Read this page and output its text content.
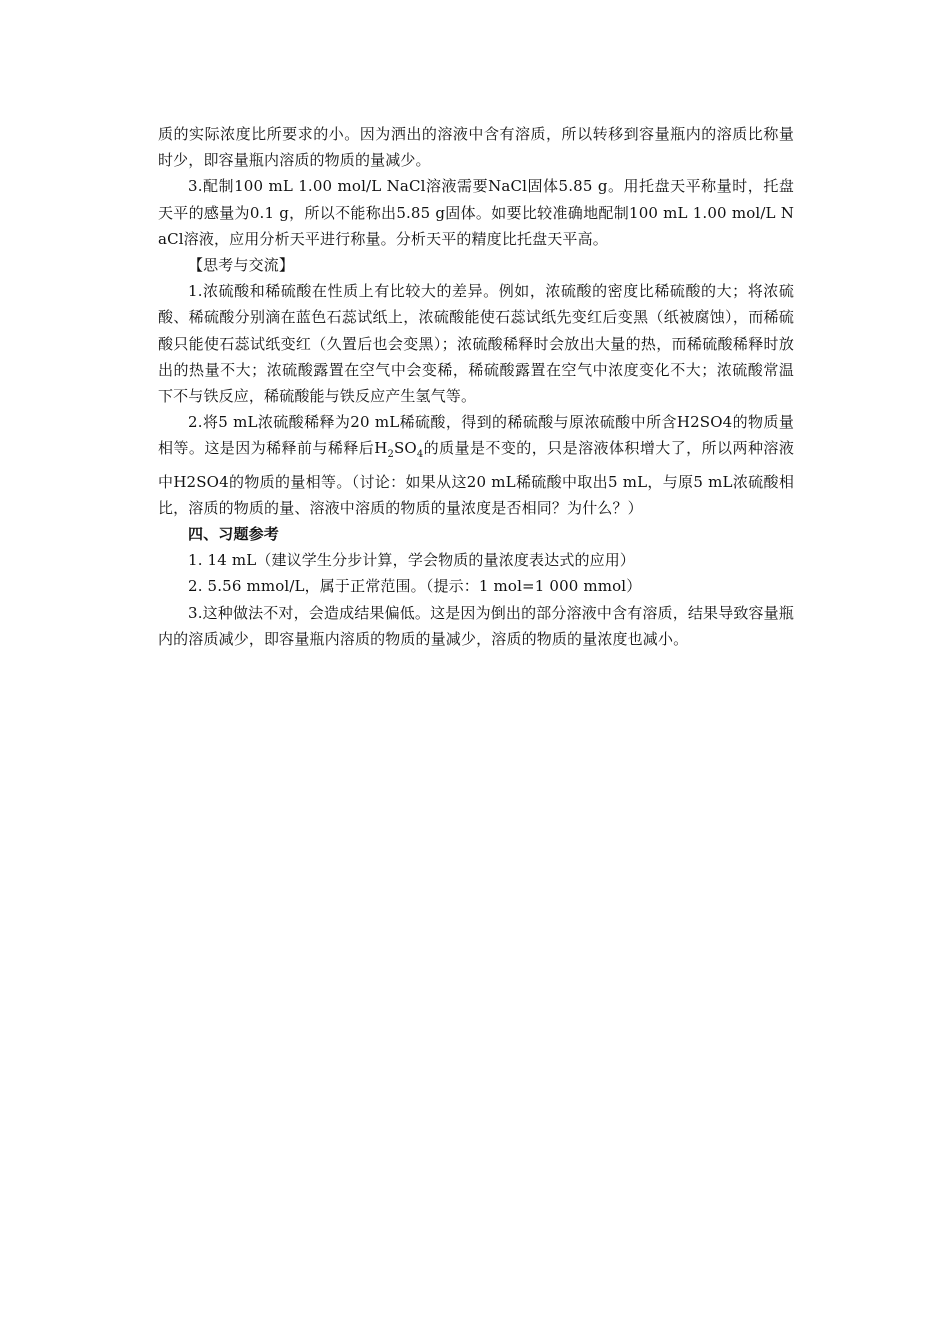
质的实际浓度比所要求的小。因为洒出的溶液中含有溶质，所以转移到容量瓶内的溶质比称量时少，即容量瓶内溶质的物质的量减少。

3.配制100 mL 1.00 mol/L NaCl溶液需要NaCl固体5.85 g。用托盘天平称量时，托盘天平的感量为0.1 g，所以不能称出5.85 g固体。如要比较准确地配制100 mL 1.00 mol/L NaCl溶液，应用分析天平进行称量。分析天平的精度比托盘天平高。

【思考与交流】

1.浓硫酸和稀硫酸在性质上有比较大的差异。例如，浓硫酸的密度比稀硫酸的大；将浓硫酸、稀硫酸分别滴在蓝色石蕊试纸上，浓硫酸能使石蕊试纸先变红后变黑（纸被腐蚀），而稀硫酸只能使石蕊试纸变红（久置后也会变黑）；浓硫酸稀释时会放出大量的热，而稀硫酸稀释时放出的热量不大；浓硫酸露置在空气中会变稀，稀硫酸露置在空气中浓度变化不大；浓硫酸常温下不与铁反应，稀硫酸能与铁反应产生氢气等。

2.将5 mL浓硫酸稀释为20 mL稀硫酸，得到的稀硫酸与原浓硫酸中所含H2SO4的物质量相等。这是因为稀释前与稀释后$H_2SO_4$的质量是不变的，只是溶液体积增大了，所以两种溶液中H2SO4的物质的量相等。（讨论：如果从这20 mL稀硫酸中取出5 mL，与原5 mL浓硫酸相比，溶质的物质的量、溶液中溶质的物质的量浓度是否相同？为什么？）

四、习题参考

1. 14 mL（建议学生分步计算，学会物质的量浓度表达式的应用）

2. 5.56 mmol/L，属于正常范围。（提示：1 mol=1 000 mmol）

3.这种做法不对，会造成结果偏低。这是因为倒出的部分溶液中含有溶质，结果导致容量瓶内的溶质减少，即容量瓶内溶质的物质的量减少，溶质的物质的量浓度也减小。
